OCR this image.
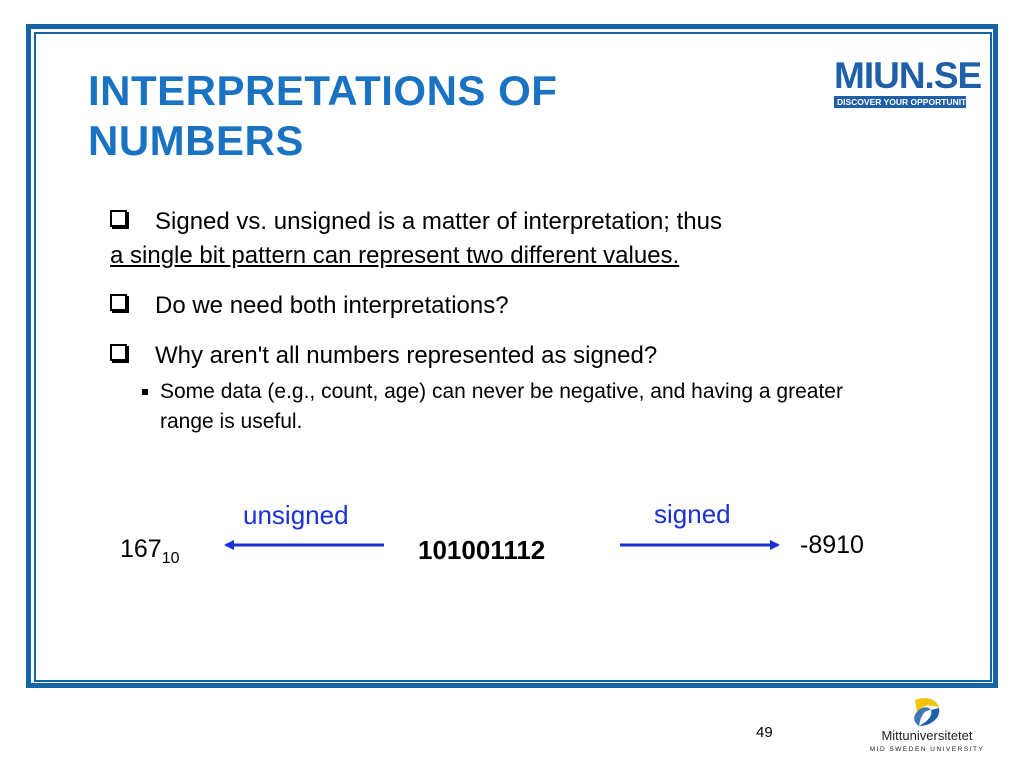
INTERPRETATIONS OF
NUMBERS
MIUN.SE
DISCOVER YOUR OPPORTUNITIES
Signed vs. unsigned is a matter of interpretation; thus
a single bit pattern can represent two different values.
Do we need both interpretations?
Why aren't all numbers represented as signed?
Some data (e.g., count, age) can never be negative, and having a greater range is useful.
unsigned	signed
$167_{10}$	101001112	-8910
49	Mittuniversitetet
MID SWEDEN UNIVERSITY
